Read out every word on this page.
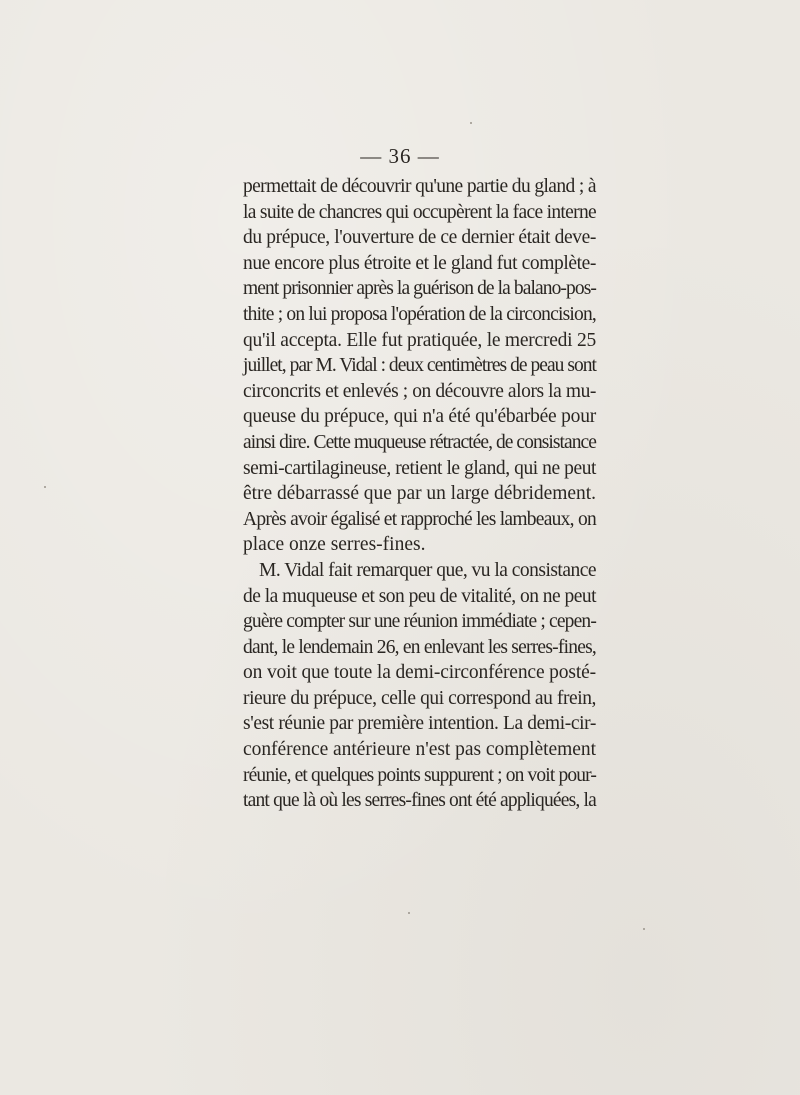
— 36 —
permettait de découvrir qu'une partie du gland ; à
la suite de chancres qui occupèrent la face interne
du prépuce, l'ouverture de ce dernier était deve-
nue encore plus étroite et le gland fut complète-
ment prisonnier après la guérison de la balano-pos-
thite ; on lui proposa l'opération de la circoncision,
qu'il accepta. Elle fut pratiquée, le mercredi 25
juillet, par M. Vidal : deux centimètres de peau sont
circoncrits et enlevés ; on découvre alors la mu-
queuse du prépuce, qui n'a été qu'ébarbée pour
ainsi dire. Cette muqueuse rétractée, de consistance
semi-cartilagineuse, retient le gland, qui ne peut
être débarrassé que par un large débridement.
Après avoir égalisé et rapproché les lambeaux, on
place onze serres-fines.
M. Vidal fait remarquer que, vu la consistance
de la muqueuse et son peu de vitalité, on ne peut
guère compter sur une réunion immédiate ; cepen-
dant, le lendemain 26, en enlevant les serres-fines,
on voit que toute la demi-circonférence posté-
rieure du prépuce, celle qui correspond au frein,
s'est réunie par première intention. La demi-cir-
conférence antérieure n'est pas complètement
réunie, et quelques points suppurent ; on voit pour-
tant que là où les serres-fines ont été appliquées, la
